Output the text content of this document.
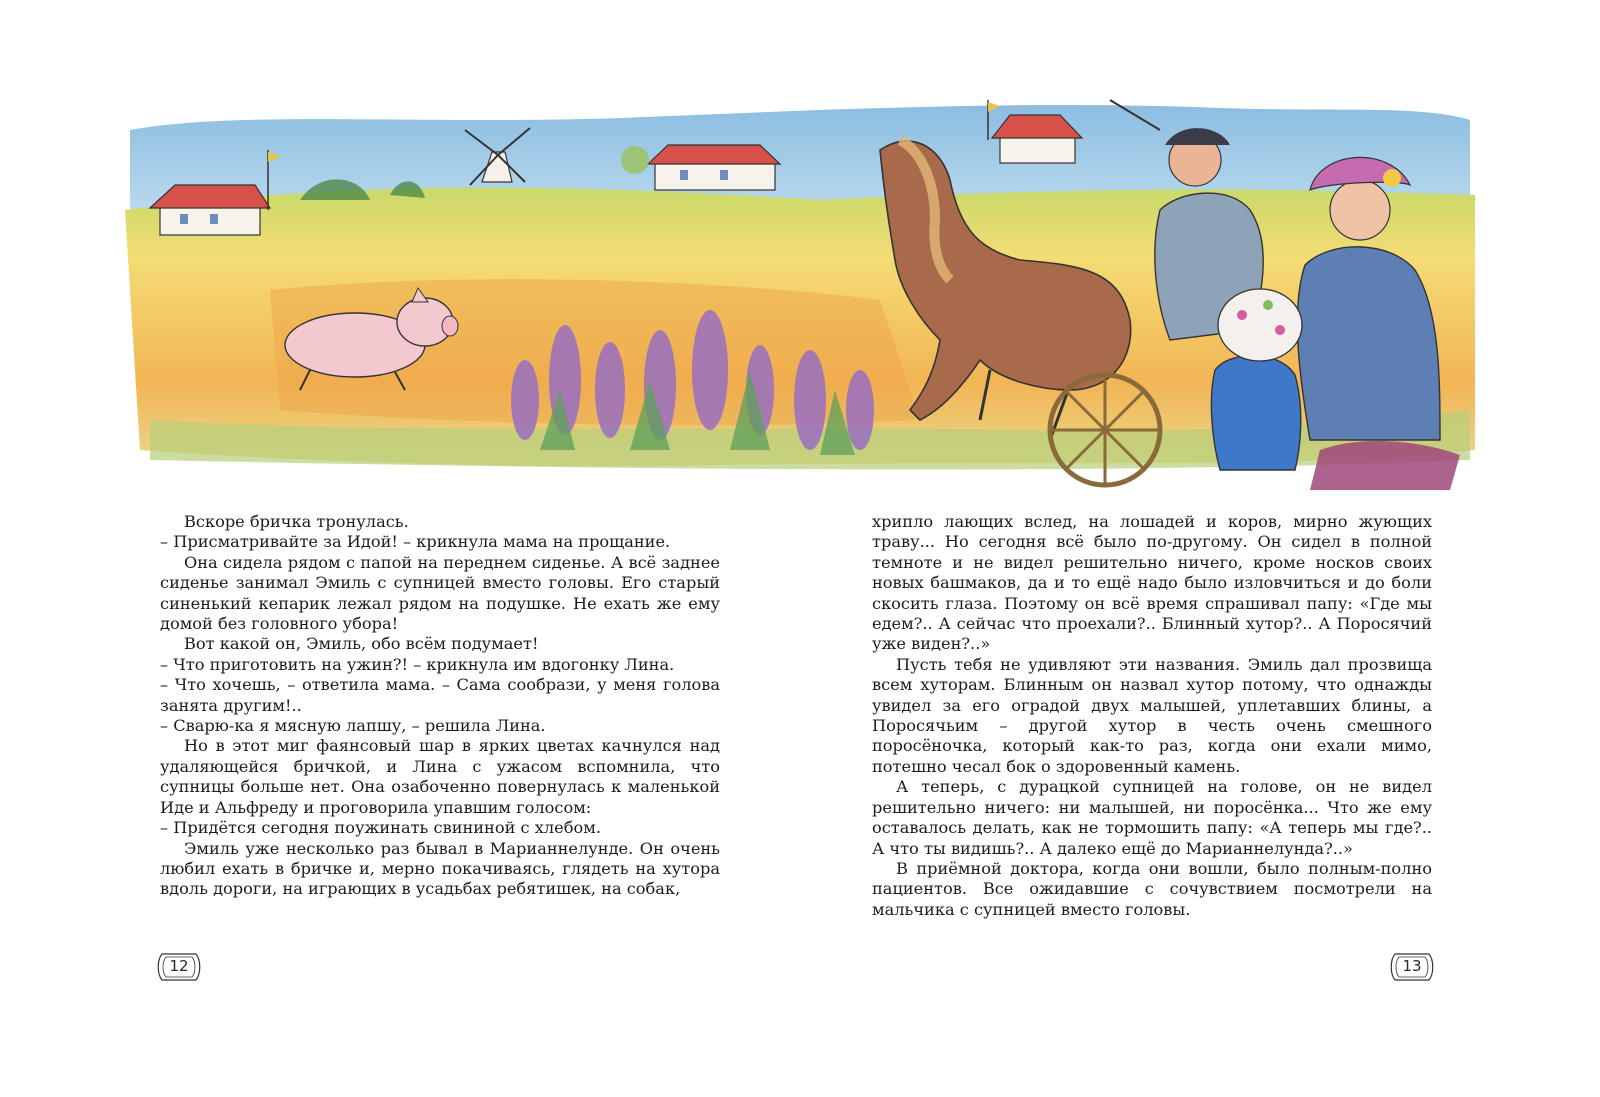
Вскоре бричка тронулась.

– Присматривайте за Идой! – крикнула мама на прощание.

Она сидела рядом с папой на переднем сиденье. А всё заднее сиденье занимал Эмиль с супницей вместо головы. Его старый синенький кепарик лежал рядом на подушке. Не ехать же ему домой без головного убора!

Вот какой он, Эмиль, обо всём подумает!

– Что приготовить на ужин?! – крикнула им вдогонку Лина.

– Что хочешь, – ответила мама. – Сама сообрази, у меня голова занята другим!..

– Сварю-ка я мясную лапшу, – решила Лина.

Но в этот миг фаянсовый шар в ярких цветах качнулся над удаляющейся бричкой, и Лина с ужасом вспомнила, что супницы больше нет. Она озабоченно повернулась к маленькой Иде и Альфреду и проговорила упавшим голосом:

– Придётся сегодня поужинать свининой с хлебом.

Эмиль уже несколько раз бывал в Марианнелунде. Он очень любил ехать в бричке и, мерно покачиваясь, глядеть на хутора вдоль дороги, на играющих в усадьбах ребятишек, на собак,

хрипло лающих вслед, на лошадей и коров, мирно жующих траву... Но сегодня всё было по-другому. Он сидел в полной темноте и не видел решительно ничего, кроме носков своих новых башмаков, да и то ещё надо было изловчиться и до боли скосить глаза. Поэтому он всё время спрашивал папу: «Где мы едем?.. А сейчас что проехали?.. Блинный хутор?.. А Поросячий уже виден?..»

Пусть тебя не удивляют эти названия. Эмиль дал прозвища всем хуторам. Блинным он назвал хутор потому, что однажды увидел за его оградой двух малышей, уплетавших блины, а Поросячьим – другой хутор в честь очень смешного поросёночка, который как-то раз, когда они ехали мимо, потешно чесал бок о здоровенный камень.

А теперь, с дурацкой супницей на голове, он не видел решительно ничего: ни малышей, ни поросёнка... Что же ему оставалось делать, как не тормошить папу: «А теперь мы где?.. А что ты видишь?.. А далеко ещё до Марианнелунда?..»

В приёмной доктора, когда они вошли, было полным-полно пациентов. Все ожидавшие с сочувствием посмотрели на мальчика с супницей вместо головы.

12	13
